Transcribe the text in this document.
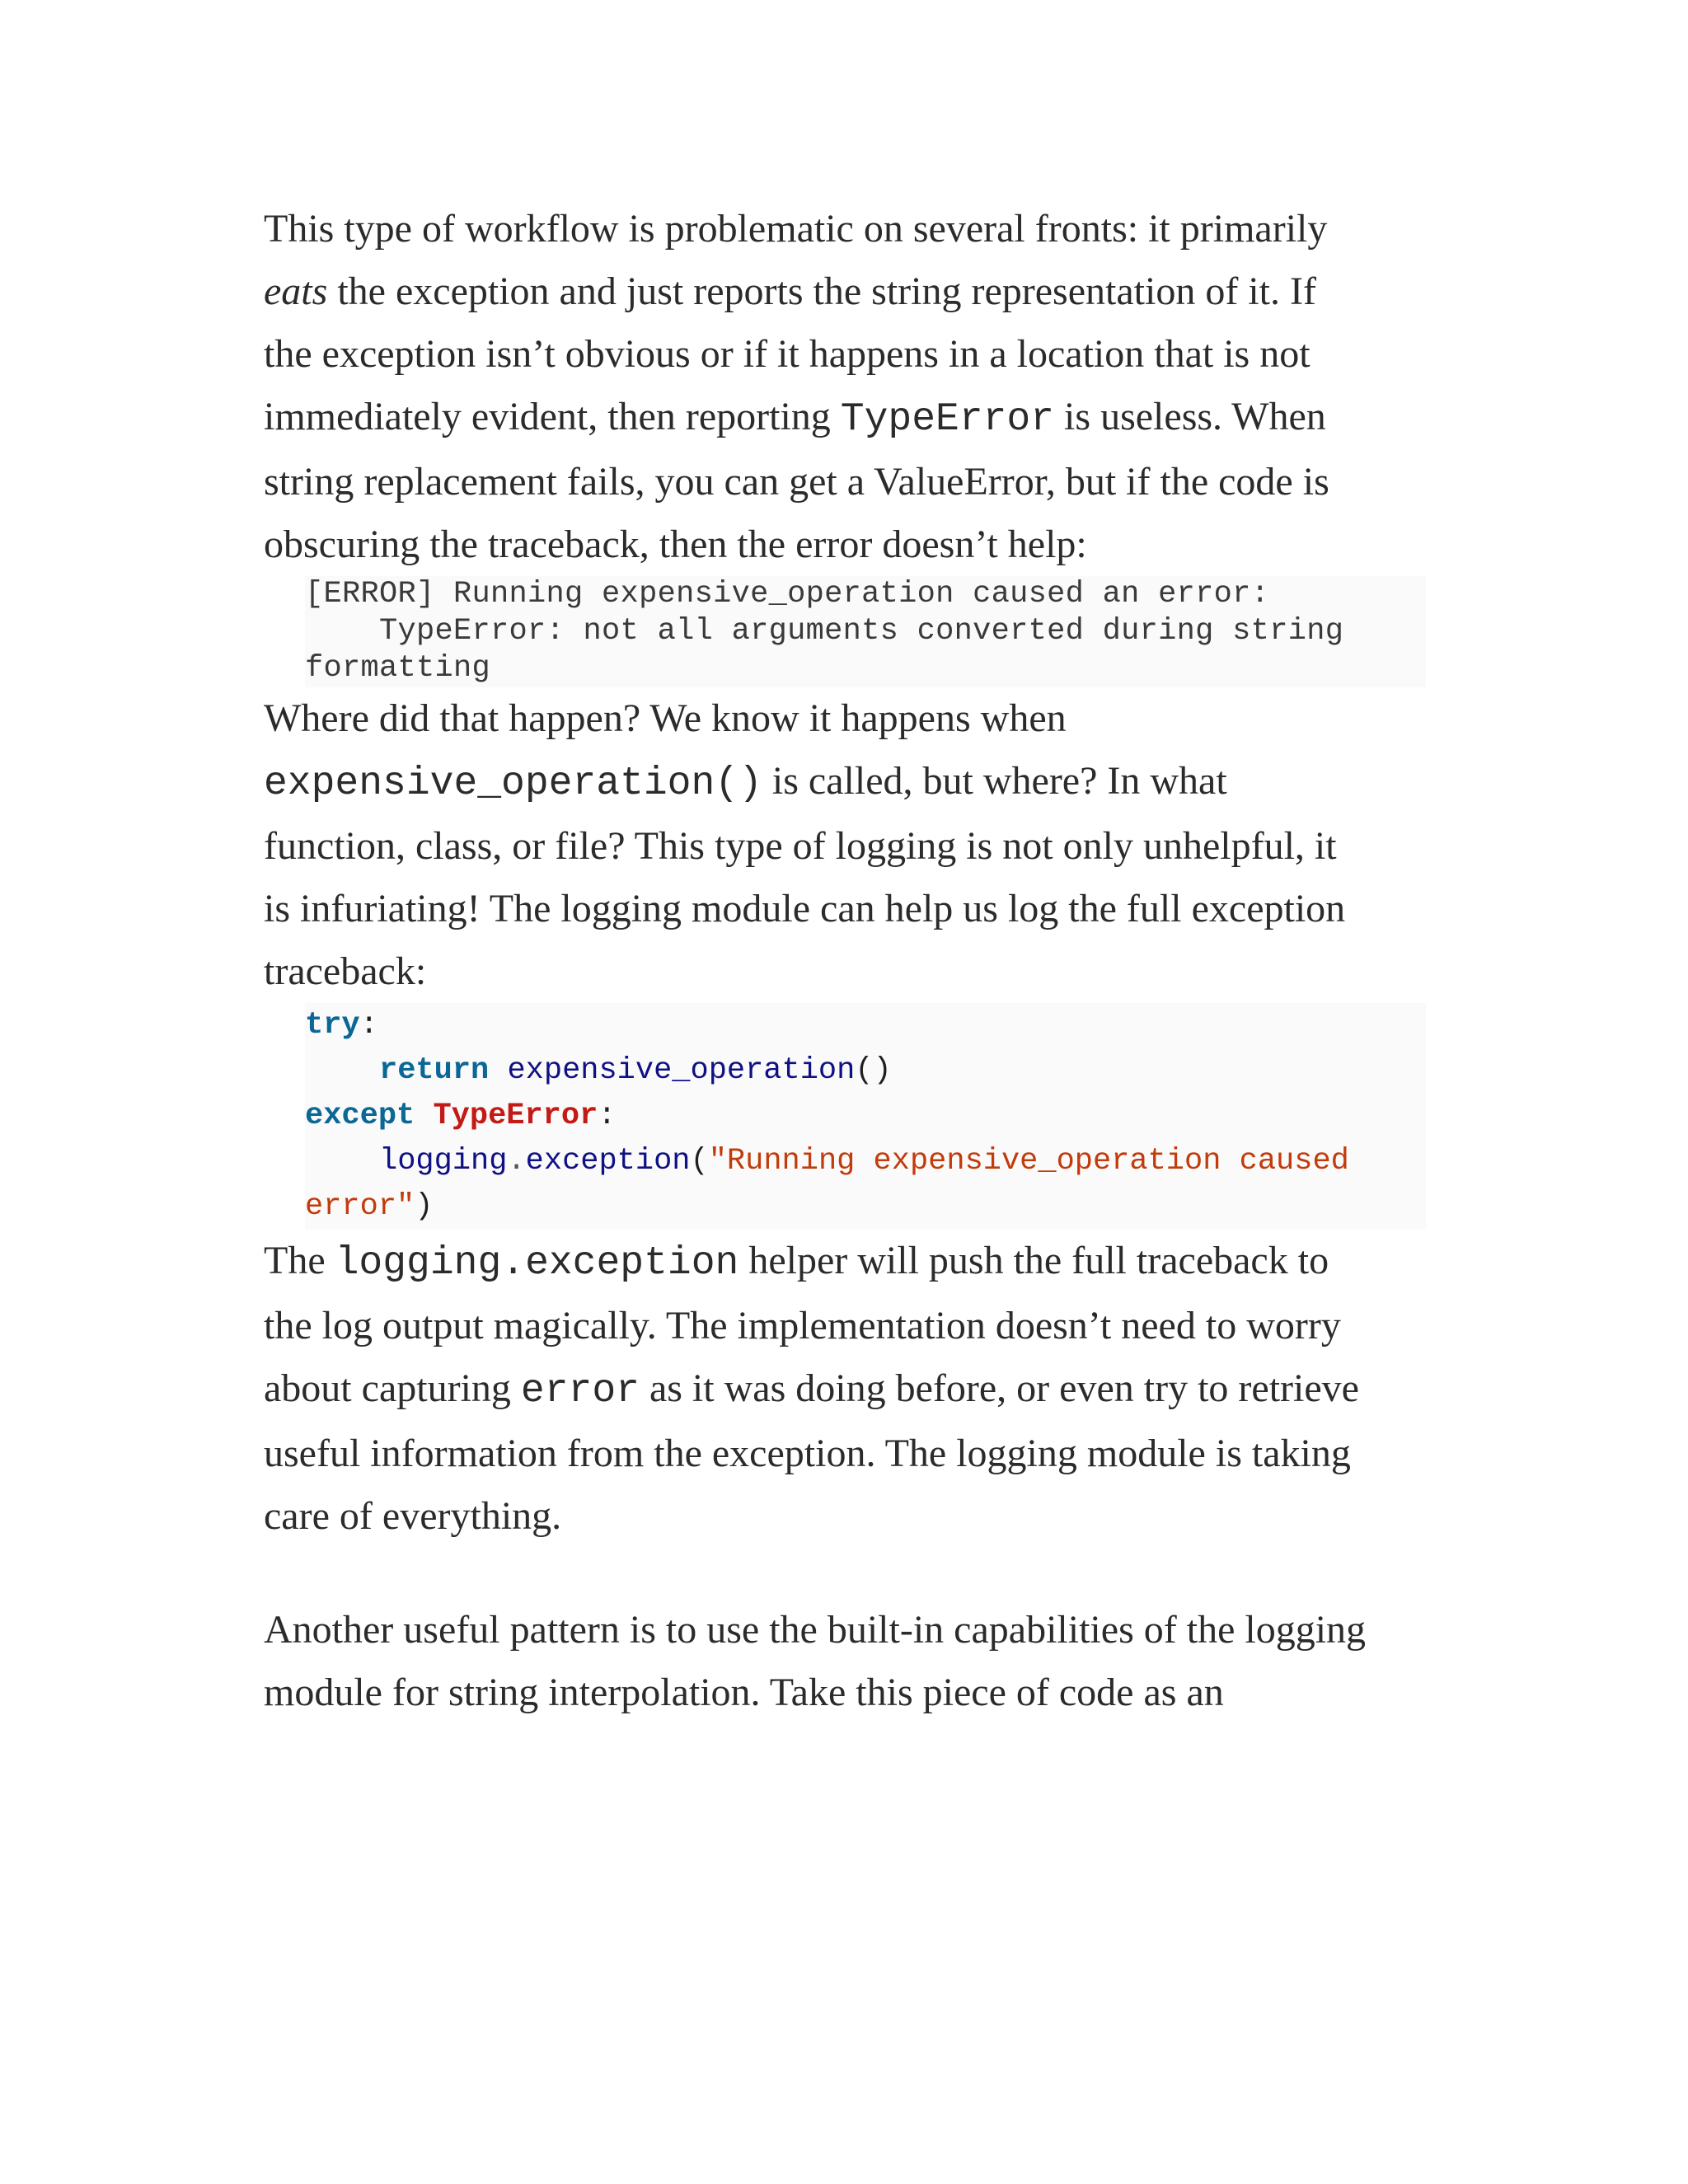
This type of workflow is problematic on several fronts: it primarily
eats the exception and just reports the string representation of it. If
the exception isn’t obvious or if it happens in a location that is not
immediately evident, then reporting TypeError is useless. When
string replacement fails, you can get a ValueError, but if the code is
obscuring the traceback, then the error doesn’t help:

[ERROR] Running expensive_operation caused an error:
TypeError: not all arguments converted during string
formatting

Where did that happen? We know it happens when
expensive_operation() is called, but where? In what
function, class, or file? This type of logging is not only unhelpful, it
is infuriating! The logging module can help us log the full exception
traceback:

try:
return expensive_operation()
except TypeError:
logging.exception("Running expensive_operation caused
error")

The logging.exception helper will push the full traceback to
the log output magically. The implementation doesn’t need to worry
about capturing error as it was doing before, or even try to retrieve
useful information from the exception. The logging module is taking
care of everything.

Another useful pattern is to use the built-in capabilities of the logging
module for string interpolation. Take this piece of code as an
